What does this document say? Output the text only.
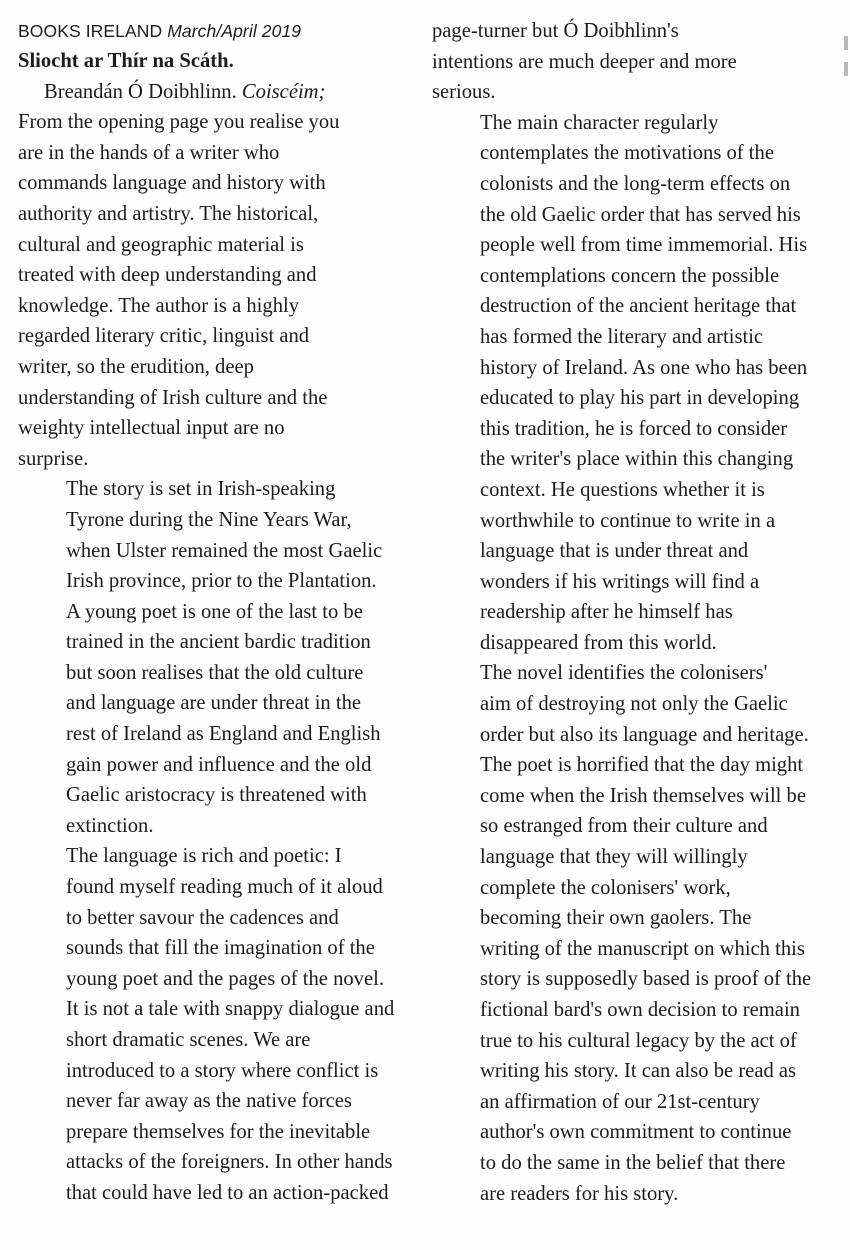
BOOKS IRELAND March/April 2019
Sliocht ar Thír na Scáth.
Breandán Ó Doibhlinn. Coiscéim;
From the opening page you realise you
are in the hands of a writer who
commands language and history with
authority and artistry. The historical,
cultural and geographic material is
treated with deep understanding and
knowledge. The author is a highly
regarded literary critic, linguist and
writer, so the erudition, deep
understanding of Irish culture and the
weighty intellectual input are no
surprise.
The story is set in Irish-speaking
Tyrone during the Nine Years War,
when Ulster remained the most Gaelic
Irish province, prior to the Plantation.
A young poet is one of the last to be
trained in the ancient bardic tradition
but soon realises that the old culture
and language are under threat in the
rest of Ireland as England and English
gain power and influence and the old
Gaelic aristocracy is threatened with
extinction.
The language is rich and poetic: I
found myself reading much of it aloud
to better savour the cadences and
sounds that fill the imagination of the
young poet and the pages of the novel.
It is not a tale with snappy dialogue and
short dramatic scenes. We are
introduced to a story where conflict is
never far away as the native forces
prepare themselves for the inevitable
attacks of the foreigners. In other hands
that could have led to an action-packed
page-turner but Ó Doibhlinn's
intentions are much deeper and more
serious.
The main character regularly
contemplates the motivations of the
colonists and the long-term effects on
the old Gaelic order that has served his
people well from time immemorial. His
contemplations concern the possible
destruction of the ancient heritage that
has formed the literary and artistic
history of Ireland. As one who has been
educated to play his part in developing
this tradition, he is forced to consider
the writer's place within this changing
context. He questions whether it is
worthwhile to continue to write in a
language that is under threat and
wonders if his writings will find a
readership after he himself has
disappeared from this world.
The novel identifies the colonisers'
aim of destroying not only the Gaelic
order but also its language and heritage.
The poet is horrified that the day might
come when the Irish themselves will be
so estranged from their culture and
language that they will willingly
complete the colonisers' work,
becoming their own gaolers. The
writing of the manuscript on which this
story is supposedly based is proof of the
fictional bard's own decision to remain
true to his cultural legacy by the act of
writing his story. It can also be read as
an affirmation of our 21st-century
author's own commitment to continue
to do the same in the belief that there
are readers for his story.
